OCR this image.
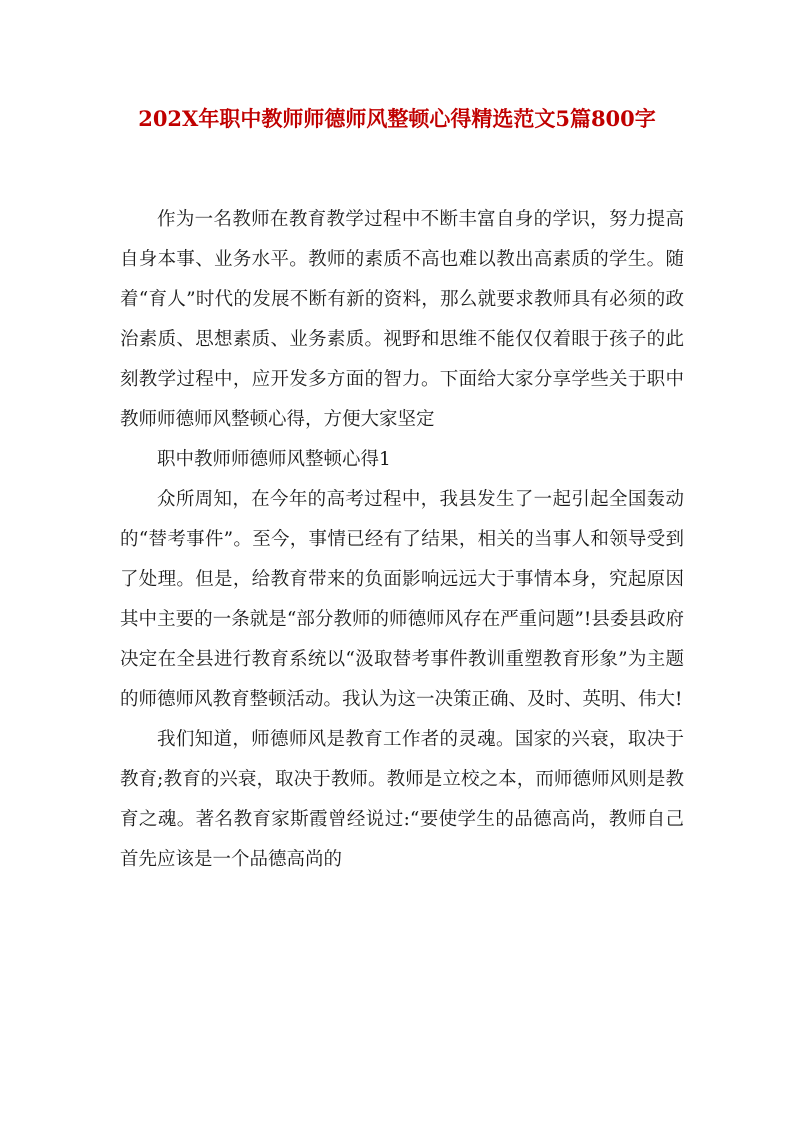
202X年职中教师师德师风整顿心得精选范文5篇800字

作为一名教师在教育教学过程中不断丰富自身的学识，努力提高自身本事、业务水平。教师的素质不高也难以教出高素质的学生。随着“育人”时代的发展不断有新的资料，那么就要求教师具有必须的政治素质、思想素质、业务素质。视野和思维不能仅仅着眼于孩子的此刻教学过程中，应开发多方面的智力。下面给大家分享学些关于职中教师师德师风整顿心得，方便大家坚定

职中教师师德师风整顿心得1

众所周知，在今年的高考过程中，我县发生了一起引起全国轰动的“替考事件”。至今，事情已经有了结果，相关的当事人和领导受到了处理。但是，给教育带来的负面影响远远大于事情本身，究起原因其中主要的一条就是“部分教师的师德师风存在严重问题”!县委县政府决定在全县进行教育系统以“汲取替考事件教训重塑教育形象”为主题的师德师风教育整顿活动。我认为这一决策正确、及时、英明、伟大!

我们知道，师德师风是教育工作者的灵魂。国家的兴衰，取决于教育;教育的兴衰，取决于教师。教师是立校之本，而师德师风则是教育之魂。著名教育家斯霞曾经说过:“要使学生的品德高尚，教师自己首先应该是一个品德高尚的
